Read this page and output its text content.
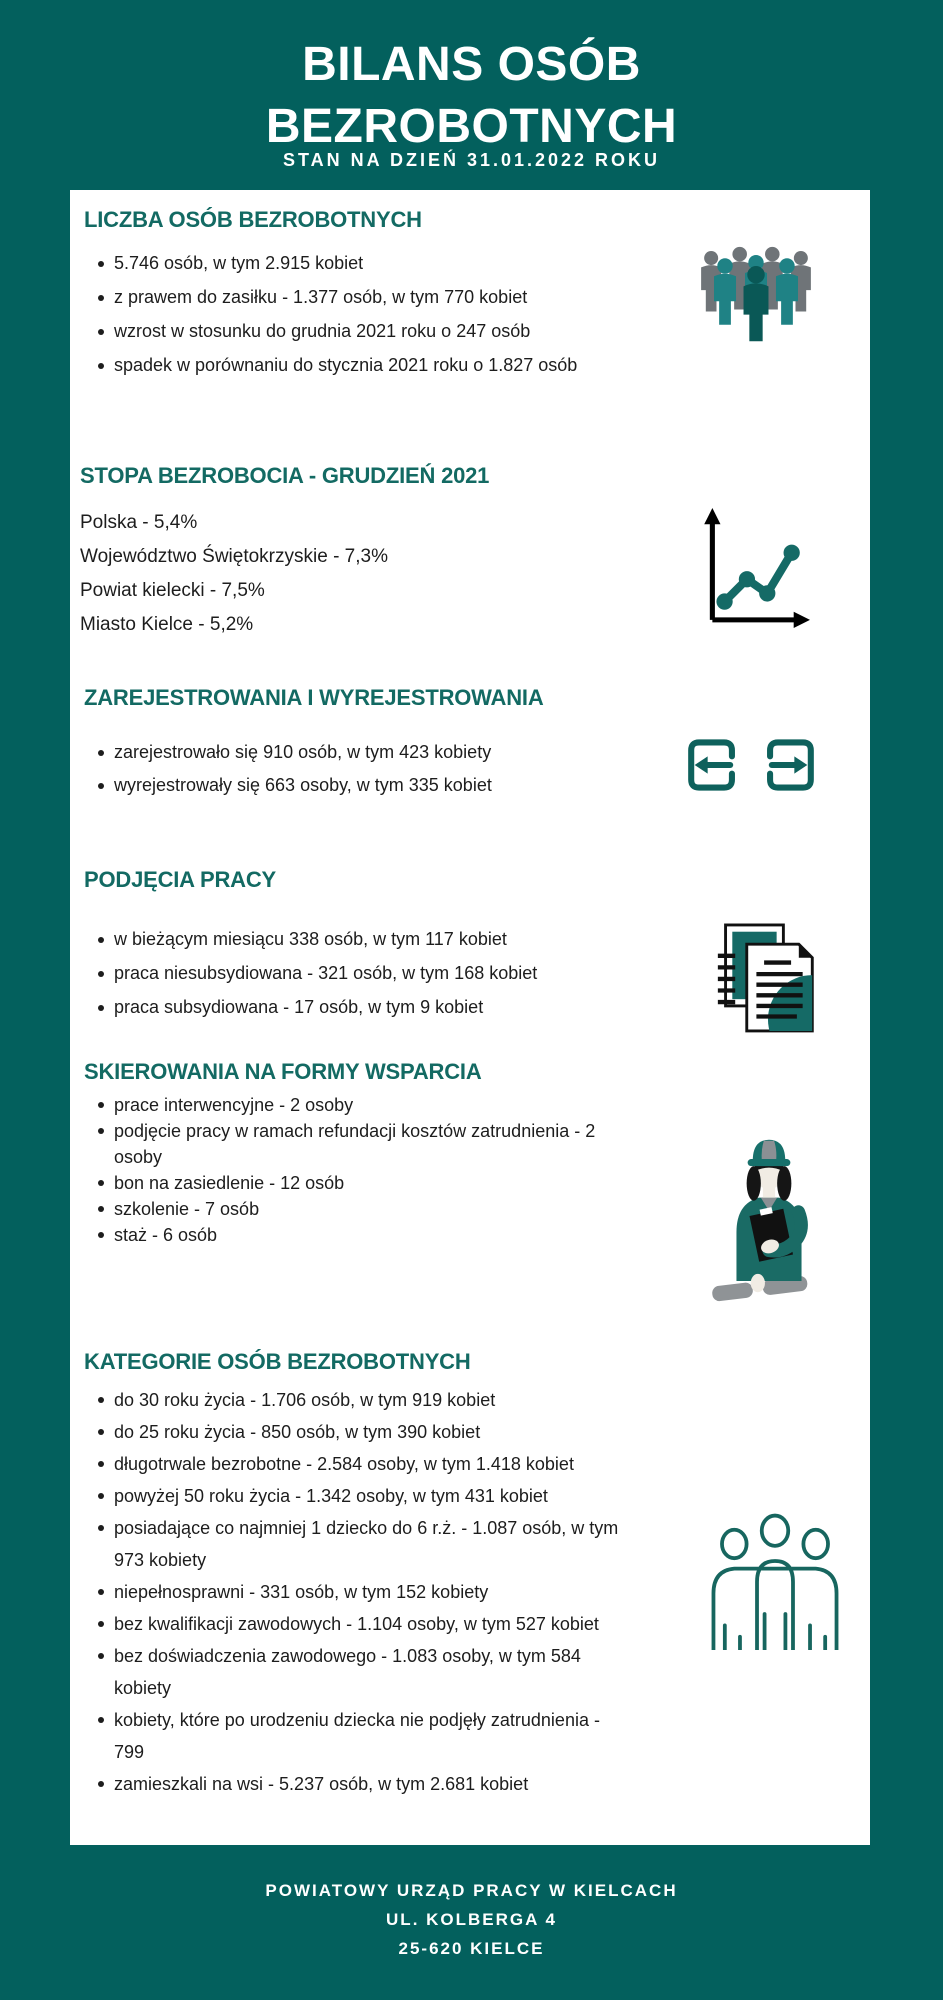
BILANS OSÓB BEZROBOTNYCH
STAN NA DZIEŃ 31.01.2022 ROKU
LICZBA OSÓB BEZROBOTNYCH
5.746 osób, w tym 2.915 kobiet
z prawem do zasiłku - 1.377 osób, w tym 770 kobiet
wzrost w stosunku do grudnia 2021 roku o 247 osób
spadek w porównaniu do stycznia 2021 roku o 1.827 osób
STOPA BEZROBOCIA - GRUDZIEŃ 2021

Polska - 5,4%

Województwo Świętokrzyskie - 7,3%

Powiat kielecki - 7,5%

Miasto Kielce - 5,2%

ZAREJESTROWANIA I WYREJESTROWANIA
zarejestrowało się 910 osób, w tym 423 kobiety
wyrejestrowały się 663 osoby, w tym 335 kobiet
PODJĘCIA PRACY
w bieżącym miesiącu 338 osób, w tym 117 kobiet
praca niesubsydiowana - 321 osób, w tym 168 kobiet
praca subsydiowana - 17 osób, w tym 9 kobiet
SKIEROWANIA NA FORMY WSPARCIA
prace interwencyjne - 2 osoby
podjęcie pracy w ramach refundacji kosztów zatrudnienia - 2 osoby
bon na zasiedlenie - 12 osób
szkolenie - 7 osób
staż - 6 osób
KATEGORIE OSÓB BEZROBOTNYCH
do 30 roku życia - 1.706 osób, w tym 919 kobiet
do 25 roku życia - 850 osób, w tym 390 kobiet
długotrwale bezrobotne - 2.584 osoby, w tym 1.418 kobiet
powyżej 50 roku życia - 1.342 osoby, w tym 431 kobiet
posiadające co najmniej 1 dziecko do 6 r.ż. - 1.087 osób, w tym 973 kobiety
niepełnosprawni - 331 osób, w tym 152 kobiety
bez kwalifikacji zawodowych - 1.104 osoby, w tym 527 kobiet
bez doświadczenia zawodowego - 1.083 osoby, w tym 584 kobiety
kobiety, które po urodzeniu dziecka nie podjęły zatrudnienia - 799
zamieszkali na wsi - 5.237 osób, w tym 2.681 kobiet

POWIATOWY URZĄD PRACY W KIELCACH

UL. KOLBERGA 4

25-620 KIELCE
